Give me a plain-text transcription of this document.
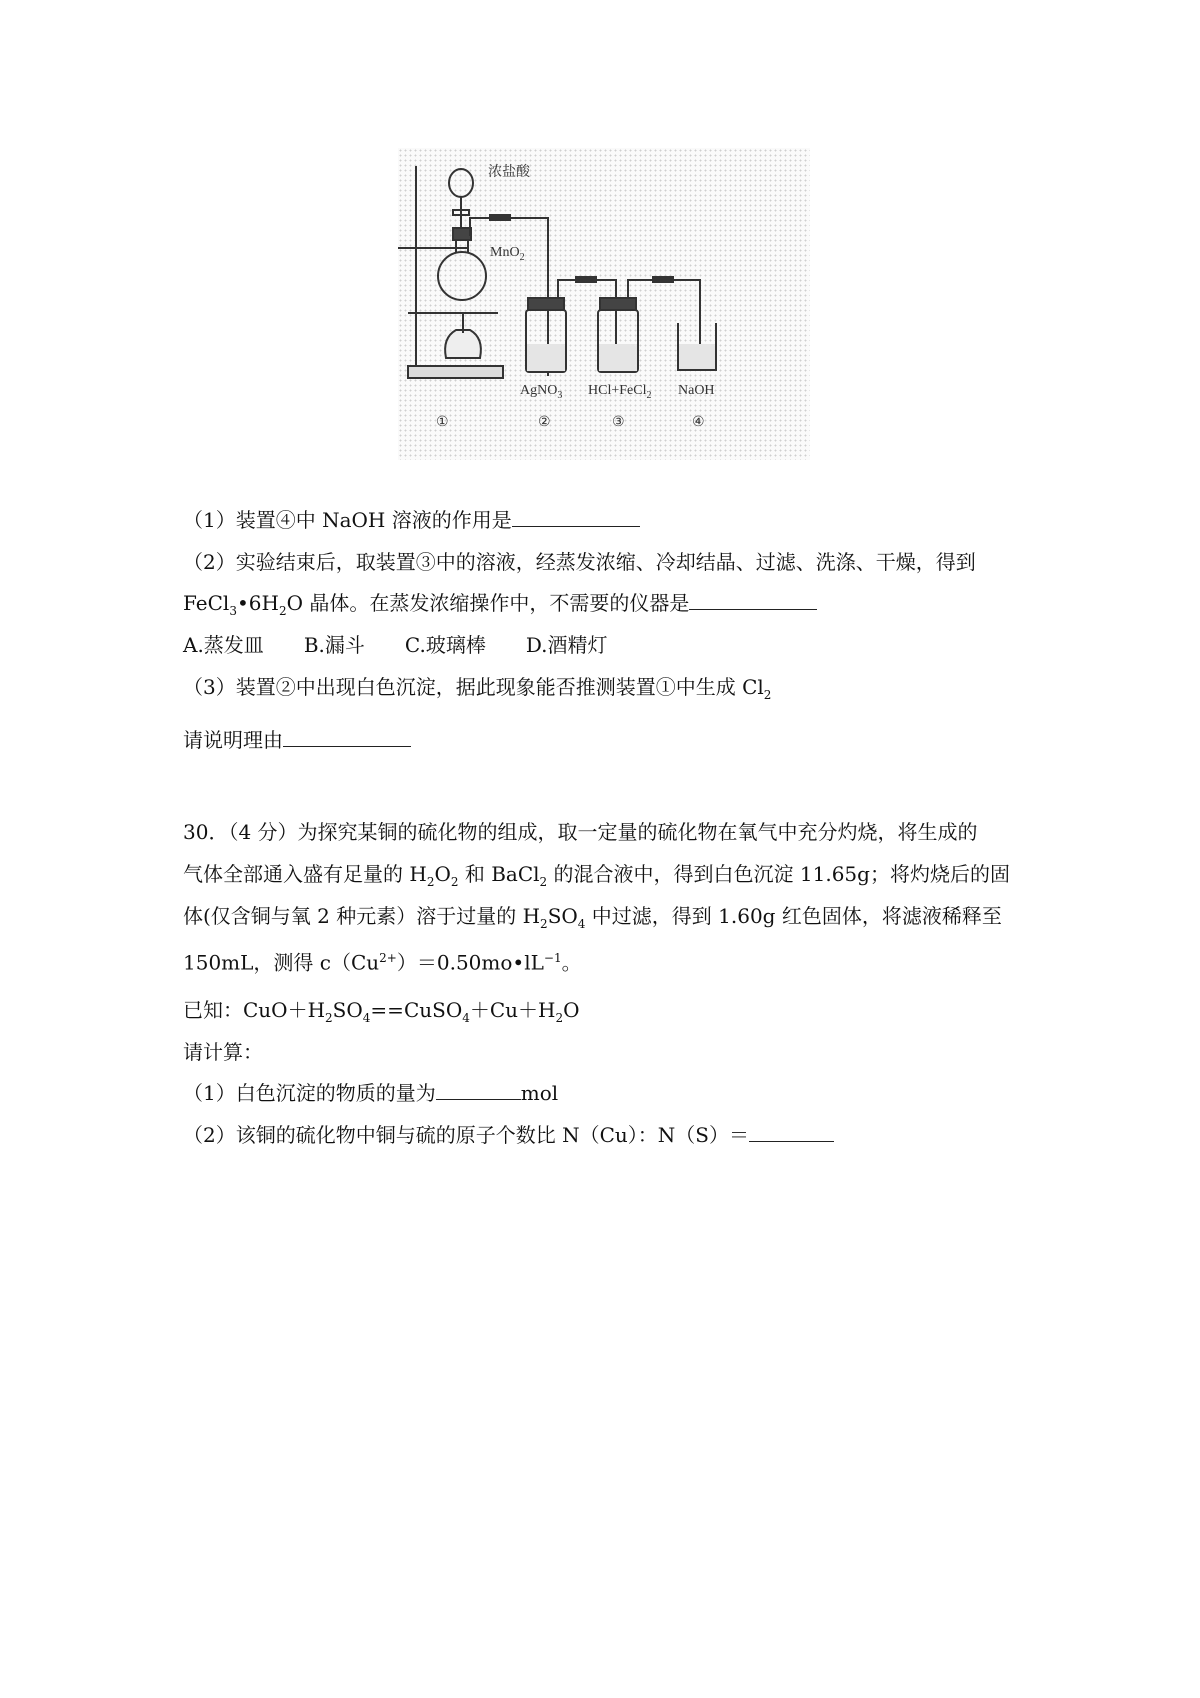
浓盐酸
MnO$_2$
AgNO$_3$ HCl+FeCl$_2$ NaOH
①	②	③	④
（1）装置④中 NaOH 溶液的作用是
（2）实验结束后，取装置③中的溶液，经蒸发浓缩、冷却结晶、过滤、洗涤、干燥，得到
$FeCl_3•6H_2O$ 晶体。在蒸发浓缩操作中，不需要的仪器是
A.蒸发皿 B.漏斗 C.玻璃棒 D.酒精灯
（3）装置②中出现白色沉淀，据此现象能否推测装置①中生成 $Cl_2$
请说明理由
30．（4 分）为探究某铜的硫化物的组成，取一定量的硫化物在氧气中充分灼烧，将生成的
气体全部通入盛有足量的 $H_2O_2$ 和 BaCl$_2$ 的混合液中，得到白色沉淀 11.65g；将灼烧后的固
体(仅含铜与氧 2 种元素）溶于过量的 $H_2SO_4$ 中过滤，得到 1.60g 红色固体，将滤液稀释至
150mL，测得 $c(Cu^{2+})=0.50mo•lL^{-1}$。
已知：$CuO+H_2SO_4==CuSO_4+Cu+H_2O$
请计算：
（1）白色沉淀的物质的量为	mol
（2）该铜的硫化物中铜与硫的原子个数比 N（Cu）：N（S）＝
